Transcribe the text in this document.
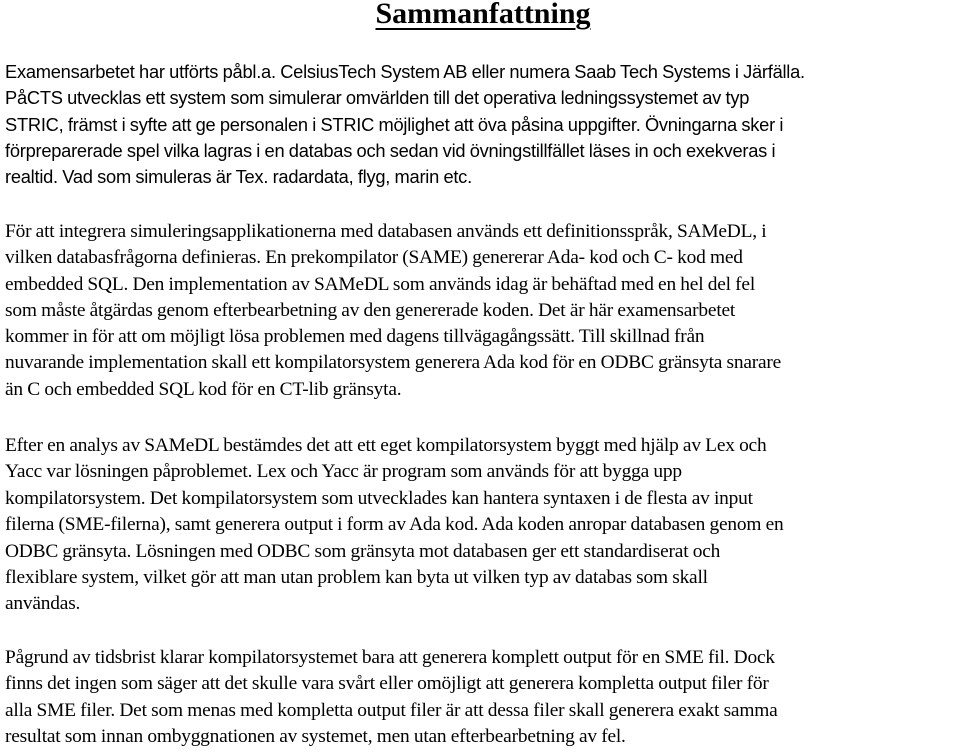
Sammanfattning

Examensarbetet har utförts påbl.a. CelsiusTech System AB eller numera Saab Tech Systems i Järfälla.
PåCTS utvecklas ett system som simulerar omvärlden till det operativa ledningssystemet av typ
STRIC, främst i syfte att ge personalen i STRIC möjlighet att öva påsina uppgifter. Övningarna sker i
förpreparerade spel vilka lagras i en databas och sedan vid övningstillfället läses in och exekveras i
realtid. Vad som simuleras är Tex. radardata, flyg, marin etc.

För att integrera simuleringsapplikationerna med databasen används ett definitionsspråk, SAMeDL, i
vilken databasfrågorna definieras. En prekompilator (SAME) genererar Ada- kod och C- kod med
embedded SQL. Den implementation av SAMeDL som används idag är behäftad med en hel del fel
som måste åtgärdas genom efterbearbetning av den genererade koden. Det är här examensarbetet
kommer in för att om möjligt lösa problemen med dagens tillvägagångssätt. Till skillnad från
nuvarande implementation skall ett kompilatorsystem generera Ada kod för en ODBC gränsyta snarare
än C och embedded SQL kod för en CT-lib gränsyta.

Efter en analys av SAMeDL bestämdes det att ett eget kompilatorsystem byggt med hjälp av Lex och
Yacc var lösningen påproblemet. Lex och Yacc är program som används för att bygga upp
kompilatorsystem. Det kompilatorsystem som utvecklades kan hantera syntaxen i de flesta av input
filerna (SME-filerna), samt generera output i form av Ada kod. Ada koden anropar databasen genom en
ODBC gränsyta. Lösningen med ODBC som gränsyta mot databasen ger ett standardiserat och
flexiblare system, vilket gör att man utan problem kan byta ut vilken typ av databas som skall
användas.

Pågrund av tidsbrist klarar kompilatorsystemet bara att generera komplett output för en SME fil. Dock
finns det ingen som säger att det skulle vara svårt eller omöjligt att generera kompletta output filer för
alla SME filer. Det som menas med kompletta output filer är att dessa filer skall generera exakt samma
resultat som innan ombyggnationen av systemet, men utan efterbearbetning av fel.
